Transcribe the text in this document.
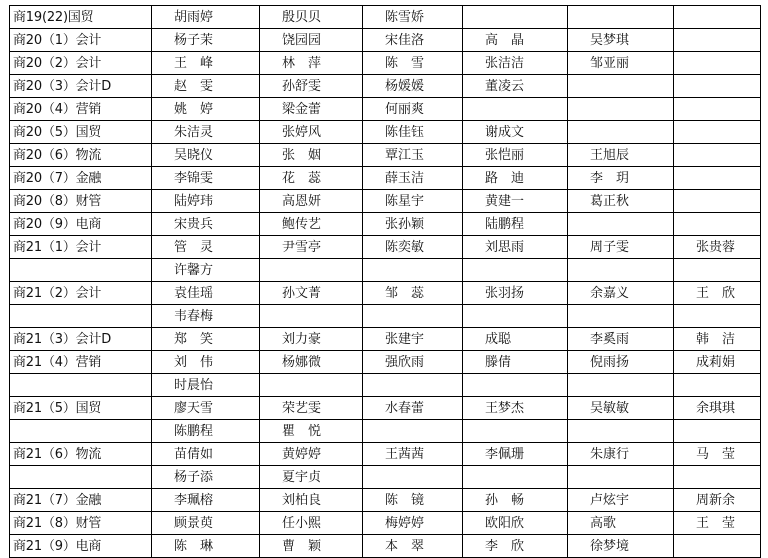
商19(22)国贸	胡雨婷	殷贝贝	陈雪娇			
商20（1）会计	杨子茉	饶园园	宋佳洛	高　晶	吴梦琪	
商20（2）会计	王　峰	林　萍	陈　雪	张洁洁	邹亚丽	
商20（3）会计D	赵　雯	孙舒雯	杨媛媛	董凌云		
商20（4）营销	姚　婷	梁金蕾	何丽爽			
商20（5）国贸	朱洁灵	张婷风	陈佳钰	谢成文		
商20（6）物流	吴晓仪	张　姻	覃江玉	张恺丽	王旭辰	
商20（7）金融	李锦雯	花　蕊	薛玉洁	路　迪	李　玥	
商20（8）财管	陆婷玮	高恩妍	陈星宇	黄建一	葛正秋	
商20（9）电商	宋贵兵	鲍传艺	张孙颖	陆鹏程		
商21（1）会计	管　灵	尹雪亭	陈奕敏	刘思雨	周子雯	张贵蓉
	许馨方					
商21（2）会计	袁佳瑶	孙文菁	邹　蕊	张羽扬	余嘉义	王　欣
	韦春梅					
商21（3）会计D	郑　笑	刘力豪	张建宇	成聪	李奚雨	韩　洁
商21（4）营销	刘　伟	杨娜微	强欣雨	滕倩	倪雨扬	成莉娟
	时晨怡					
商21（5）国贸	廖天雪	荣艺雯	水春蕾	王梦杰	吴敏敏	余琪琪
	陈鹏程	瞿　悦				
商21（6）物流	苗倩如	黄婷婷	王茜茜	李佩珊	朱康行	马　莹
	杨子添	夏宇贞				
商21（7）金融	李珮榕	刘柏良	陈　镜	孙　畅	卢炫宇	周新余
商21（8）财管	顾景萸	任小熙	梅婷婷	欧阳欣	高歌	王　莹
商21（9）电商	陈　琳	曹　颖	本　翠	李　欣	徐梦境	
